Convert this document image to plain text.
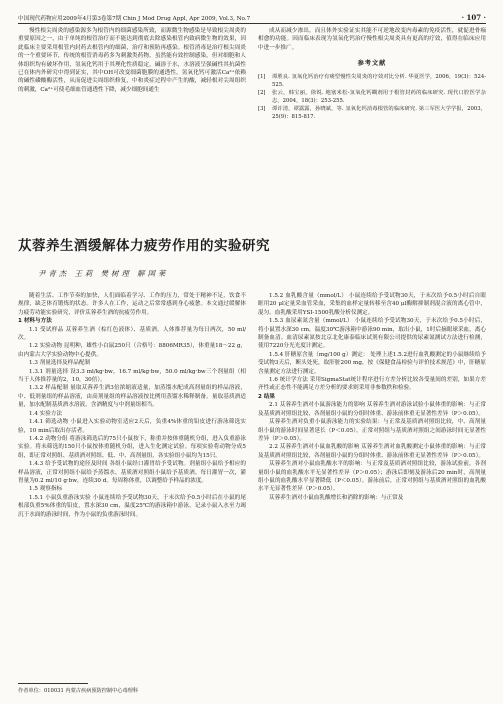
中国现代药物应用2009年4月第3卷第7期 Chin J Mod Drug Appl, Apr 2009, Vol.3, No.7	· 107 ·

慢性根尖周炎的感染源多为根管内的细菌感染所致，而源微生物感染是导致根尖周炎的重要原因之一，由于单纯的根管治疗而不能达到彻底去除感染根管内致病微生物的效果，因此临床主要采用根管内封药去根管内的细菌，治疗和预防再感染。根管消毒是治疗根尖周炎的一个重要环节，传统的根管消毒药多为刺激类药物，虽然能有效控制感染，但对细胞和人体组织均有破坏作用，氢氧化钙用于其理化性质稳定，碱溶于水，水溶液呈强碱性其抗菌性已在体内外研究中得到证实，其中OH可改变细菌胞膜的通透性，氢氧化钙可激活Ca²⁺依赖的碱性磷酸酶活性，从而促进尖周组织修复，中和炎症过程中产生的酸，减轻根对尖周组织的刺激，Ca²⁺可使毛细血管通透性下降，减少细胞间通生

成从而减少渗出，而且体外实验证实其能不可逆地改变内毒素的免疫活性，就促进骨痂相愈的功能。因而临床表现为氢氧化钙治疗慢性根尖周炎具有更高的疗效，值得在临床应用中进一步推广。

参考文献
[1]	谭胜良. 氢氧化钙治疗有瘘型慢性尖周炎的疗效对比分析. 华夏医学，2006，19(3)：524-525.
[2]	张云，韩宝丽，徐锐. 地塞米松-氢氧化钙糊剂用于根管封药的临床研究. 现代口腔医学杂志，2004，18(3)：253-255.
[3]	谭许清，谭露露，孙晓斌，等. 氢氧化钙消毒根管的临床研究. 第三军医大学学报，2003，25(9)：815-817.
苁蓉养生酒缓解体力疲劳作用的实验研究
尹青杰 王莉 樊树理 解国莱

随着生活、工作节奏的加快，人们面临着学习、工作的压力，常处于精神不足，饮食不规律，缺乏体育锻炼的状态。许多人在工作，运动之后常常感到身心疲惫。本文通过缓解体力疲劳功能实验研究，评价苁蓉养生酒的抗疲劳作用。

1 材料与方法

1.1 受试样品 苁蓉养生酒（棕红色液体）、基质酒。人体推荐量为每日两次，50 ml/次。

1.2 实验动物 昆明种，雄性小白鼠250只（合格号：8806MR35），体重量18～22 g，由内蒙古大学实验动物中心提供。

1.3 剂量选择及样品配制

1.3.1 剂量选择 设3.3 ml/kg·bw，16.7 ml/kg·bw，50.0 ml/kg·bw三个剂量组（相当于人体推荐量的2，10，30倍）。

1.3.2 样品配制 量取苁蓉养生酒3倍浓缩液适量，加蒸馏水配成高剂量组的样品溶液，中、低剂量组的样品溶液，由高剂量组的样品溶液按比例用蒸馏水稀释制备。量取基质酒适量，加水配制基质酒水溶液，含酒精度与中剂量组相当。

1.4 实验方法

1.4.1 筛选动物 小鼠进入实验动物室适应2天后，负重4%体重的铅皮进行游泳筛选实验，10 min后取出存活者。

1.4.2 动物分组 将游泳筛选后的75只小鼠按下，称重并按体重随机分组，进入负重游泳实验。将未筛选的150只小鼠按体重随机分组，进入生化测定试验。每项实验将动物分成5组，即正常对照组、基质酒对照组、低、中、高剂量组，各实验组小鼠均为15只。

1.4.3 给予受试物的途径及时间 各组小鼠经口灌胃给予受试物。剂量组小鼠给予相应的样品溶液，正常对照组小鼠给予蒸馏水，基质酒对照组小鼠给予基质酒。每日灌胃一次，灌胃量为0.2 ml/10 g·bw，连续30 d。每周称体重，以调整给予样品的浓度。

1.5 观察指标

1.5.1 小鼠负重游泳实验 小鼠连续给予受试物30天，于末次给予0.5小时后在小鼠的尾根部负重5%体重的铅皮，置水深30 cm，温度25℃的游泳箱中游泳。记录小鼠入水至力竭沉于水面的游泳时间，作为小鼠的负重游泳时间。

1.5.2 血乳酸含量（mmol/L） 小鼠连续给予受试物30天，于末次给予0.5小时后自眼眶用20 μl定量采血管采血，采集的血样定量转移至含40 μl酶解抑制剂混合液的离心管中，混匀。血乳酸采用YSI-1500乳酸分析仪测定。

1.5.3 血尿素氮含量（mmol/L） 小鼠连续给予受试物30天，于末次给予0.5小时后，将小鼠置水深30 cm，温度30℃游泳箱中游泳90 min，取出小鼠，1时后摘眼球采血，离心制备血清。血清尿素氮按北京北化康泰临床试剂有限公司提供的尿素氮测试方法进行检测，使用7220分光光度计测定。

1.5.4 肝糖原含量（mg/100 g）测定： 处理上述1.5.2进行血乳酸测定的小鼠继续给予受试物3天后，断头处死，取肝脏200 mg，按《保健食品检验与评价技术规范》中，肝糖原含量测定方法进行测定。

1.6 统计学方法 采用SigmaStat统计程序进行方差分析比较各受量间的差别，如果方差齐性或正态性不能满足方差分析的要求则采用非参数秩和检验。

2 结果

2.1 苁蓉养生酒对小鼠游泳能力的影响 苁蓉养生酒对游泳试验小鼠体重的影响：与正常及基质酒对照组比较，各剂量组小鼠的分组时体重、游泳前体重无显著性差异（P＞0.05）。

苁蓉养生酒对负重小鼠游泳能力的实验结果：与正常及基质酒对照组比较，中、高剂量组小鼠的游泳时间显著延长（P＜0.05）。正常对照组与基质酒对照组之间游泳时间无显著性差异（P＞0.05）。

2.2 苁蓉养生酒对小鼠血乳酸的影响 苁蓉养生酒对血乳酸测定小鼠体重的影响：与正常及基质酒对照组比较，各剂量组小鼠的分组时体重、游泳前体重无显著性差异（P＞0.05）。

苁蓉养生酒对小鼠血乳酸水平的影响：与正常及基质酒对照组比较，游泳试验前，各剂量组小鼠的血乳酸水平无显著性差异（P＞0.05）；游泳后即刻及游泳后20 min时，高剂量组小鼠的血乳酸水平显著降低（P＜0.05）。游泳前后，正常对照组与基质酒对照组的血乳酸水平无显著性差异（P＞0.05）。

苁蓉养生酒对小鼠血乳酸增长和消除的影响：与正常及

作者单位：010031 内蒙古疾病预防控制中心毒理科
